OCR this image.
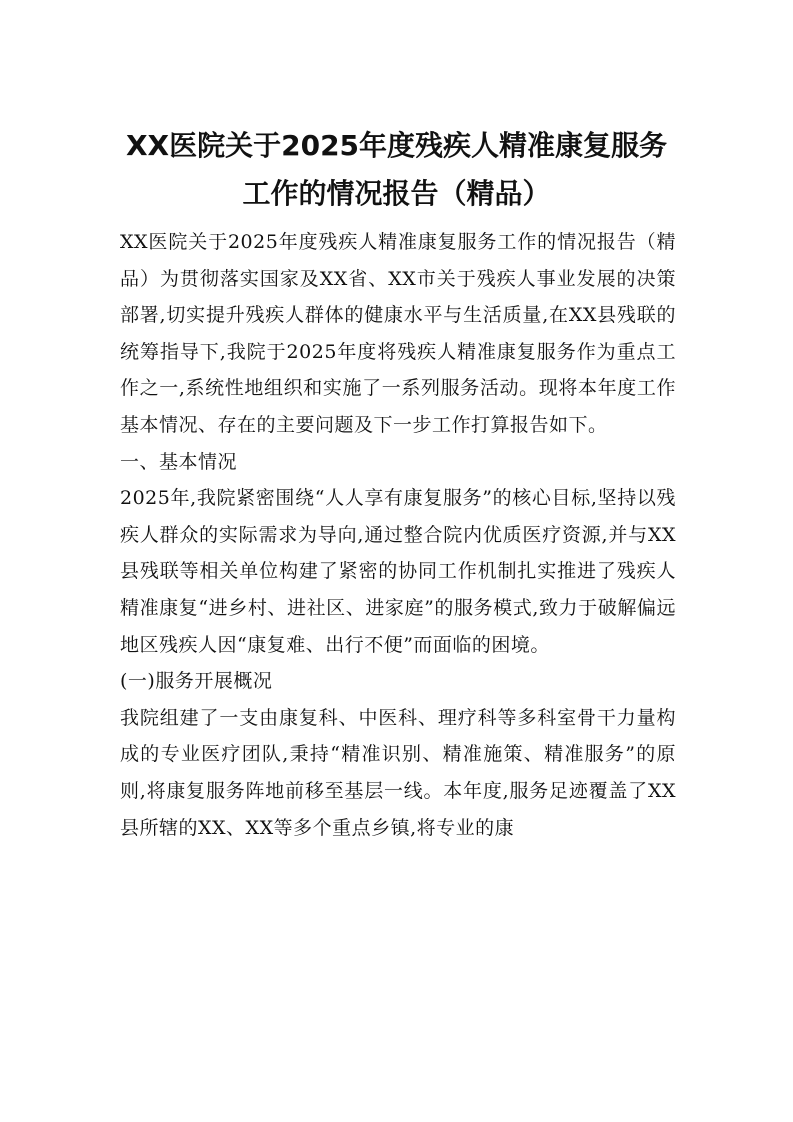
XX医院关于2025年度残疾人精准康复服务
工作的情况报告（精品）

XX医院关于2025年度残疾人精准康复服务工作的情况报告（精品）为贯彻落实国家及XX省、XX市关于残疾人事业发展的决策部署,切实提升残疾人群体的健康水平与生活质量,在XX县残联的统筹指导下,我院于2025年度将残疾人精准康复服务作为重点工作之一,系统性地组织和实施了一系列服务活动。现将本年度工作基本情况、存在的主要问题及下一步工作打算报告如下。

一、基本情况

2025年,我院紧密围绕“人人享有康复服务”的核心目标,坚持以残疾人群众的实际需求为导向,通过整合院内优质医疗资源,并与XX县残联等相关单位构建了紧密的协同工作机制扎实推进了残疾人精准康复“进乡村、进社区、进家庭”的服务模式,致力于破解偏远地区残疾人因“康复难、出行不便”而面临的困境。

(一)服务开展概况

我院组建了一支由康复科、中医科、理疗科等多科室骨干力量构成的专业医疗团队,秉持“精准识别、精准施策、精准服务”的原则,将康复服务阵地前移至基层一线。本年度,服务足迹覆盖了XX县所辖的XX、XX等多个重点乡镇,将专业的康
